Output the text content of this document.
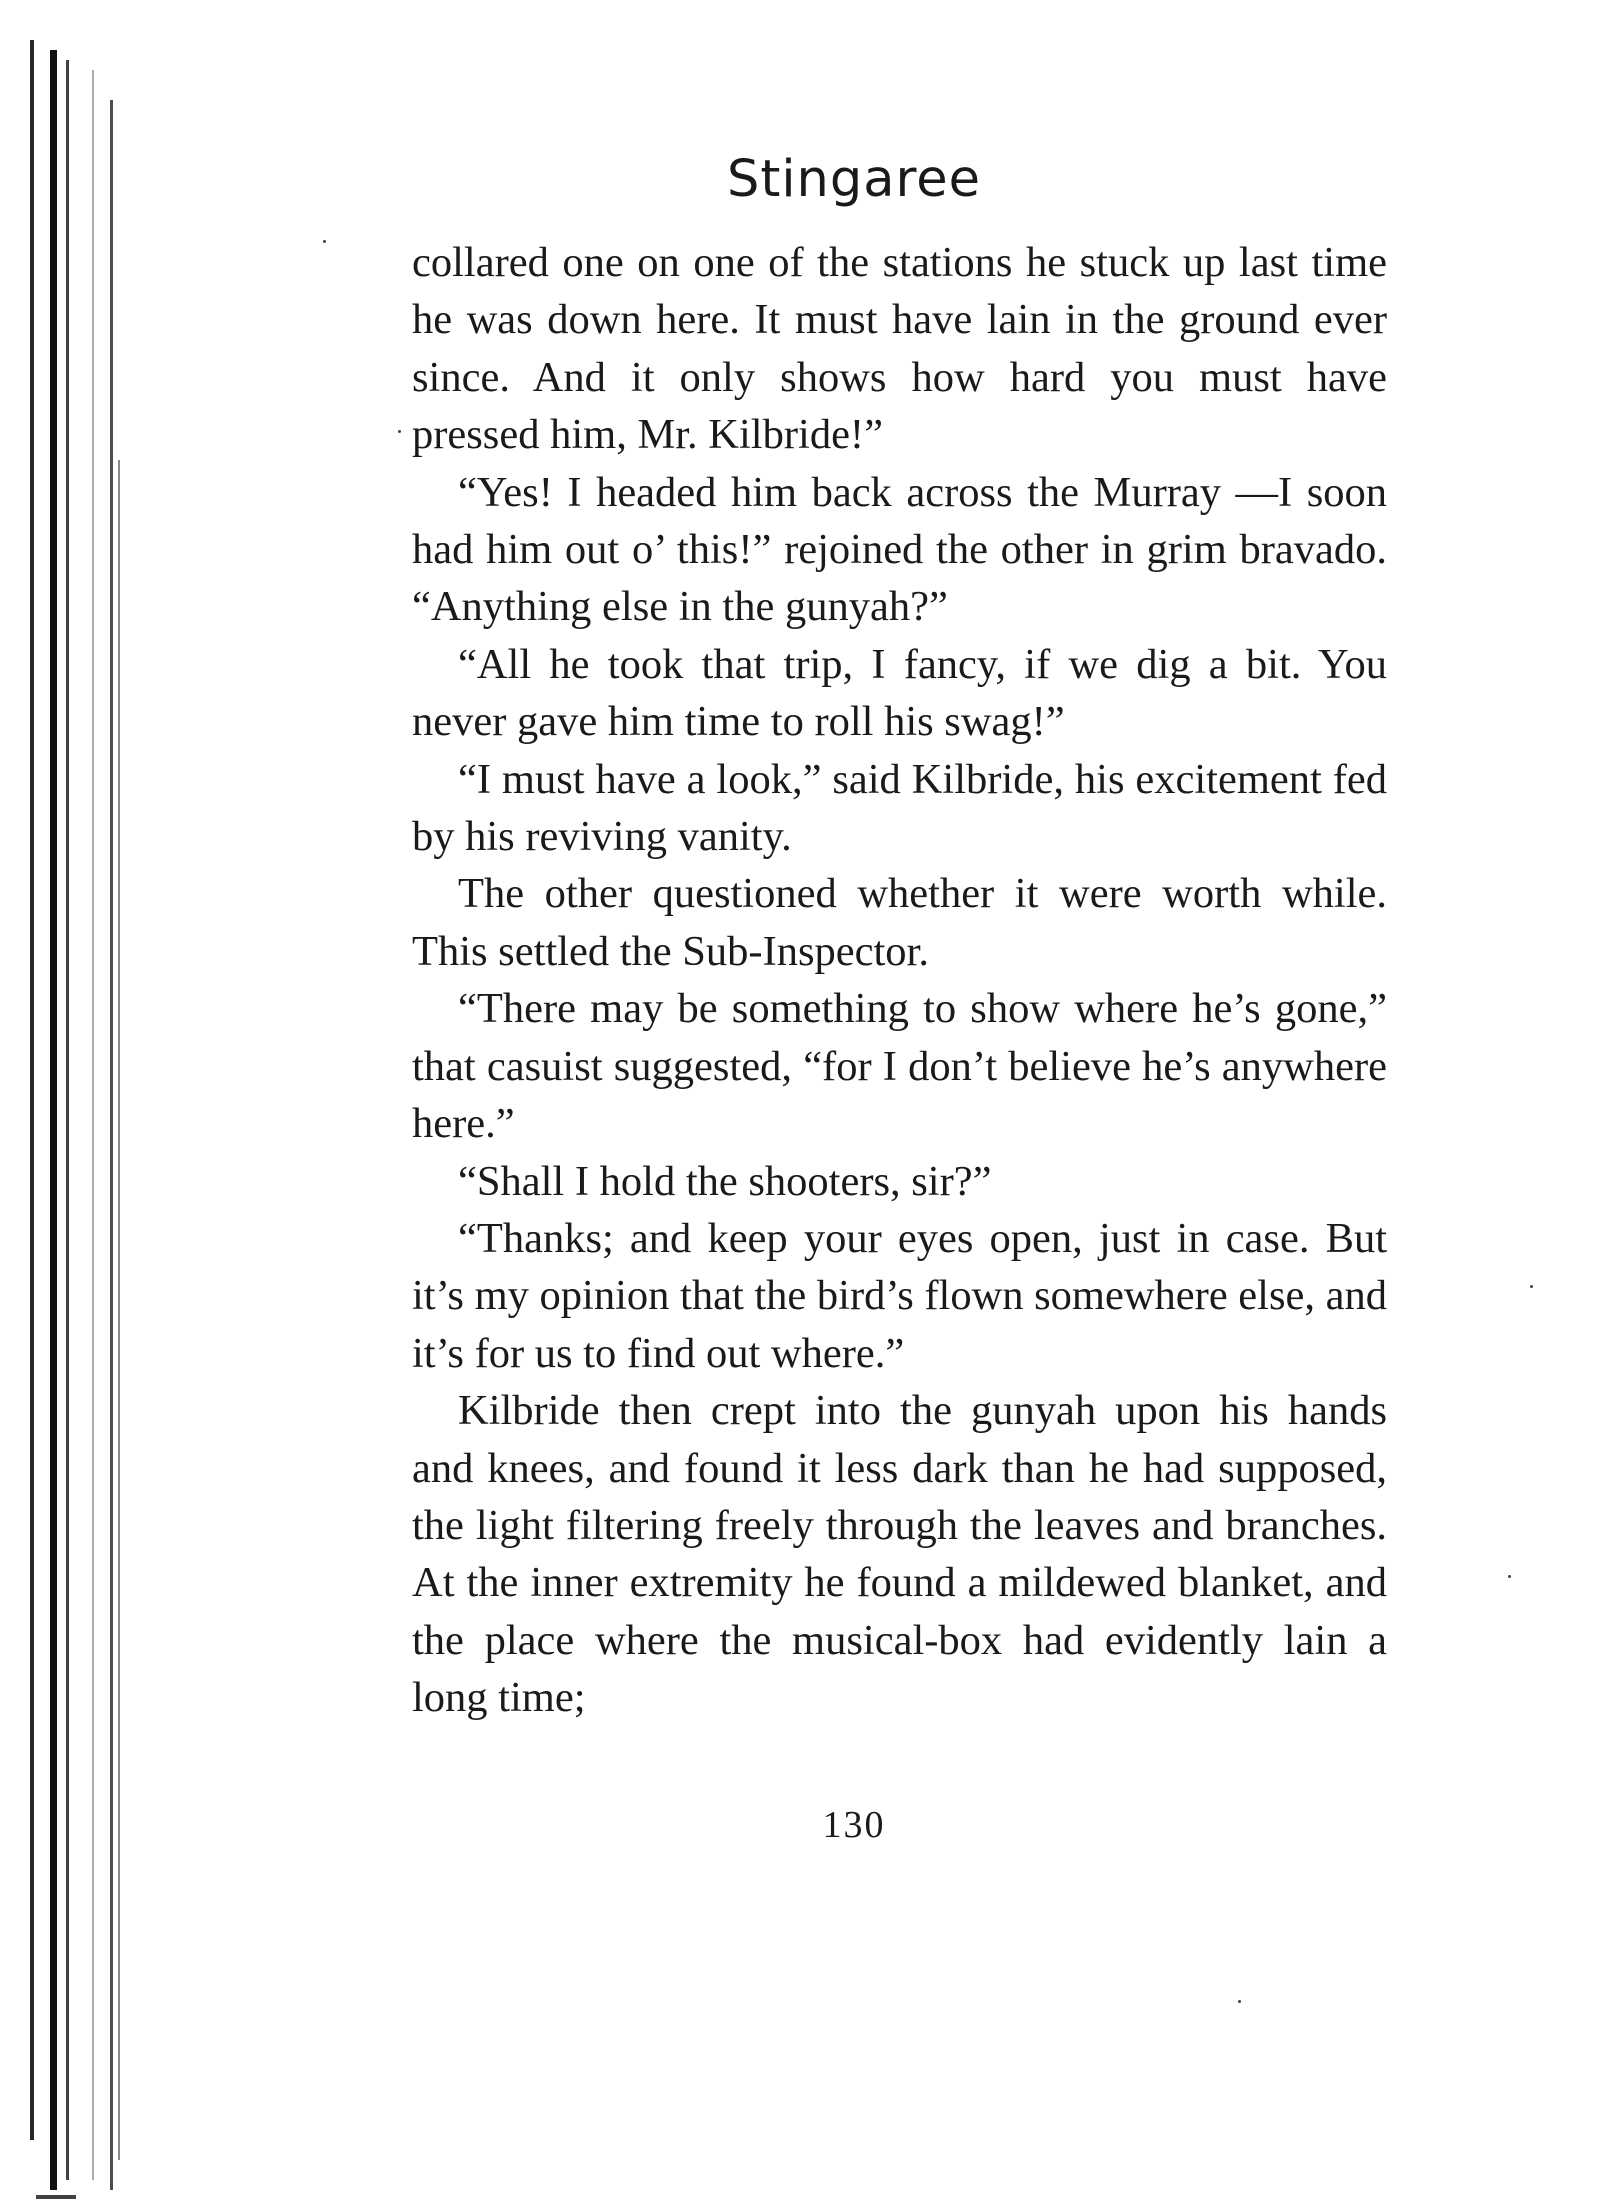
Stingaree

collared one on one of the stations he stuck up last time he was down here. It must have lain in the ground ever since. And it only shows how hard you must have pressed him, Mr. Kilbride!”

“Yes! I headed him back across the Murray —I soon had him out o’ this!” rejoined the other in grim bravado. “Anything else in the gunyah?”

“All he took that trip, I fancy, if we dig a bit. You never gave him time to roll his swag!”

“I must have a look,” said Kilbride, his excitement fed by his reviving vanity.

The other questioned whether it were worth while. This settled the Sub-Inspector.

“There may be something to show where he’s gone,” that casuist suggested, “for I don’t believe he’s anywhere here.”

“Shall I hold the shooters, sir?”

“Thanks; and keep your eyes open, just in case. But it’s my opinion that the bird’s flown somewhere else, and it’s for us to find out where.”

Kilbride then crept into the gunyah upon his hands and knees, and found it less dark than he had supposed, the light filtering freely through the leaves and branches. At the inner extremity he found a mildewed blanket, and the place where the musical-box had evidently lain a long time;

130
